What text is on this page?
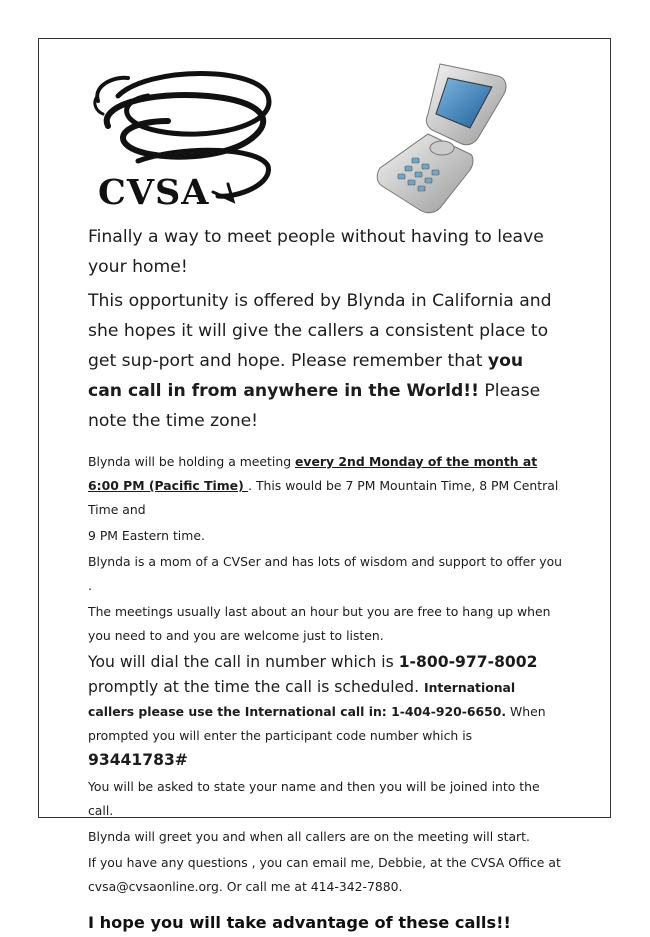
CVSA

Finally a way to meet people without having to leave your home!

This opportunity is offered by Blynda in California and she hopes it will give the callers a consistent place to get sup-port and hope. Please remember that you can call in from anywhere in the World!! Please note the time zone!

Blynda will be holding a meeting every 2nd Monday of the month at 6:00 PM (Pacific Time) . This would be 7 PM Mountain Time, 8 PM Central Time and

9 PM Eastern time.

Blynda is a mom of a CVSer and has lots of wisdom and support to offer you .

The meetings usually last about an hour but you are free to hang up when you need to and you are welcome just to listen.

You will dial the call in number which is 1-800-977-8002 promptly at the time the call is scheduled. International callers please use the International call in: 1-404-920-6650. When prompted you will enter the participant code number which is 93441783#

You will be asked to state your name and then you will be joined into the call.

Blynda will greet you and when all callers are on the meeting will start.

If you have any questions , you can email me, Debbie, at the CVSA Office at cvsa@cvsaonline.org. Or call me at 414-342-7880.

I hope you will take advantage of these calls!!
